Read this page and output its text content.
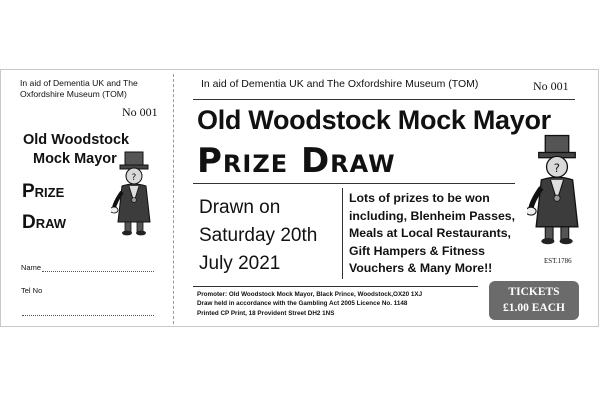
In aid of Dementia UK and The Oxfordshire Museum (TOM)
No 001
Old Woodstock
Mock Mayor
Prize
Draw
?
Name
Tel No
In aid of Dementia UK and The Oxfordshire Museum (TOM)	No 001
Old Woodstock Mock Mayor
Prize Draw
Drawn on Saturday 20th July 2021
Lots of prizes to be won including, Blenheim Passes, Meals at Local Restaurants, Gift Hampers & Fitness Vouchers & Many More!!
Promoter: Old Woodstock Mock Mayor, Black Prince, Woodstock,OX20 1XJ
Draw held in accordance with the Gambling Act 2005 Licence No. 1148
Printed CP Print, 18 Provident Street DH2 1NS
?
EST.1786
TICKETS
£1.00 EACH
